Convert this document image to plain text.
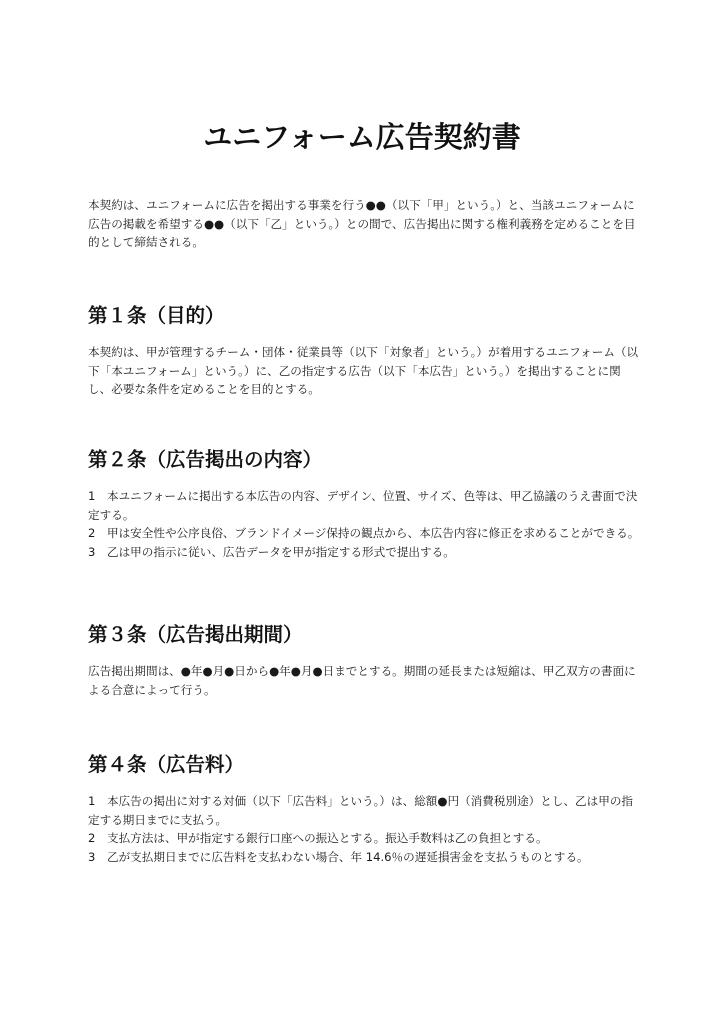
ユニフォーム広告契約書

本契約は、ユニフォームに広告を掲出する事業を行う●●（以下「甲」という。）と、当該ユニフォームに広告の掲載を希望する●●（以下「乙」という。）との間で、広告掲出に関する権利義務を定めることを目的として締結される。

第１条（目的）

本契約は、甲が管理するチーム・団体・従業員等（以下「対象者」という。）が着用するユニフォーム（以下「本ユニフォーム」という。）に、乙の指定する広告（以下「本広告」という。）を掲出することに関し、必要な条件を定めることを目的とする。

第２条（広告掲出の内容）

1　本ユニフォームに掲出する本広告の内容、デザイン、位置、サイズ、色等は、甲乙協議のうえ書面で決定する。

2　甲は安全性や公序良俗、ブランドイメージ保持の観点から、本広告内容に修正を求めることができる。

3　乙は甲の指示に従い、広告データを甲が指定する形式で提出する。

第３条（広告掲出期間）

広告掲出期間は、●年●月●日から●年●月●日までとする。期間の延長または短縮は、甲乙双方の書面による合意によって行う。

第４条（広告料）

1　本広告の掲出に対する対価（以下「広告料」という。）は、総額●円（消費税別途）とし、乙は甲の指定する期日までに支払う。

2　支払方法は、甲が指定する銀行口座への振込とする。振込手数料は乙の負担とする。

3　乙が支払期日までに広告料を支払わない場合、年 14.6％の遅延損害金を支払うものとする。
